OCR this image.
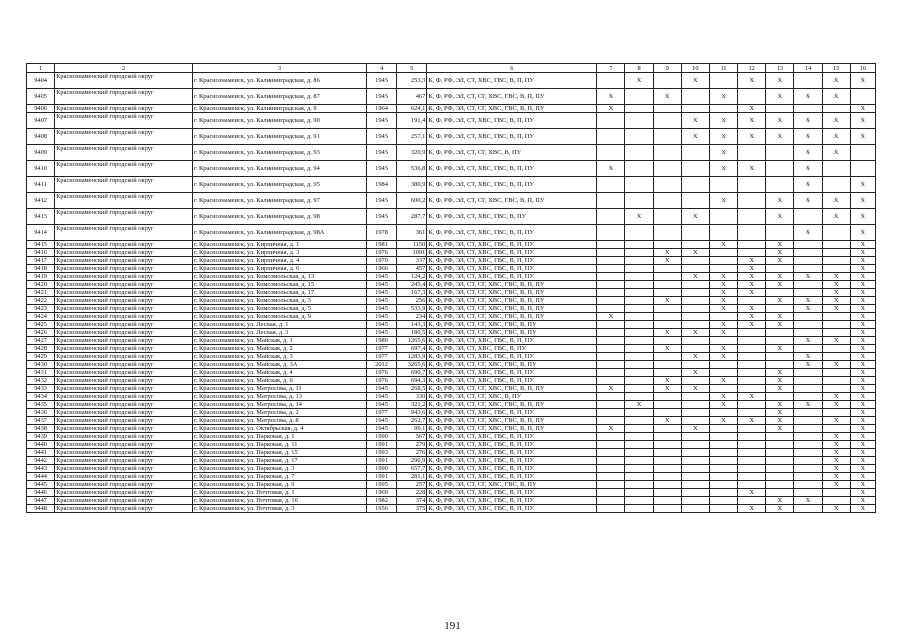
1	2	3	4	5	6	7	8	9	10	11	12	13	14	15	16
9404	Краснознаменский городской округ	г. Краснознаменск, ул. Калининградская, д. 86	1945	253,3	К, Ф, РФ, ЭЛ, СТ, ХВС, ГВС, В, П, ПУ		X		X		X	X		X	X
9405	Краснознаменский городской округ	г. Краснознаменск, ул. Калининградская, д. 87	1945	467	К, Ф, РФ, ЭЛ, СТ, СГ, ХВС, ГВС, В, П, ПУ	X		X		X		X	X	X	
9406	Краснознаменский городской округ	г. Краснознаменск, ул. Калининградская, д. 9	1964	624,1	К, Ф, РФ, ЭЛ, СТ, СГ, ХВС, ГВС, В, П, ПУ	X					X				X
9407	Краснознаменский городской округ	г. Краснознаменск, ул. Калининградская, д. 90	1945	191,4	К, Ф, РФ, ЭЛ, СТ, ХВС, ГВС, В, П, ПУ				X	X	X	X	X	X	X
9408	Краснознаменский городской округ	г. Краснознаменск, ул. Калининградская, д. 91	1945	257,1	К, Ф, РФ, ЭЛ, СТ, ХВС, ГВС, В, П, ПУ				X	X	X	X	X	X	X
9409	Краснознаменский городской округ	г. Краснознаменск, ул. Калининградская, д. 93	1945	320,9	К, Ф, РФ, ЭЛ, СТ, СГ, ХВС, В, ПУ					X			X	X	
9410	Краснознаменский городской округ	г. Краснознаменск, ул. Калининградская, д. 94	1945	536,8	К, Ф, РФ, ЭЛ, СТ, ХВС, ГВС, В, П, ПУ	X				X	X		X		
9411	Краснознаменский городской округ	г. Краснознаменск, ул. Калининградская, д. 95	1984	380,9	К, Ф, РФ, ЭЛ, СТ, ХВС, ГВС, В, П, ПУ								X		X
9412	Краснознаменский городской округ	г. Краснознаменск, ул. Калининградская, д. 97	1945	600,2	К, Ф, РФ, ЭЛ, СТ, СГ, ХВС, ГВС, В, П, ПУ					X		X	X	X	X
9413	Краснознаменский городской округ	г. Краснознаменск, ул. Калининградская, д. 98	1945	287,7	К, Ф, РФ, ЭЛ, СТ, ХВС, ГВС, В, ПУ		X		X			X		X	X
9414	Краснознаменский городской округ	г. Краснознаменск, ул. Калининградская, д. 98А	1978	361	К, Ф, РФ, ЭЛ, СТ, ХВС, ГВС, В, П, ПУ								X		X
9415	Краснознаменский городской округ	г. Краснознаменск, ул. Кирпичная, д. 1	1981	1150	К, Ф, РФ, ЭЛ, СТ, ХВС, ГВС, В, П, ПУ					X		X			X
9416	Краснознаменский городской округ	г. Краснознаменск, ул. Кирпичная, д. 3	1976	1091	К, Ф, РФ, ЭЛ, СТ, ХВС, ГВС, В, П, ПУ			X	X			X			X
9417	Краснознаменский городской округ	г. Краснознаменск, ул. Кирпичная, д. 4	1970	337	К, Ф, РФ, ЭЛ, СТ, ХВС, ГВС, В, П, ПУ			X			X	X			X
9418	Краснознаменский городской округ	г. Краснознаменск, ул. Кирпичная, д. 6	1966	457	К, Ф, РФ, ЭЛ, СТ, ХВС, ГВС, В, П, ПУ						X				X
9419	Краснознаменский городской округ	г. Краснознаменск, ул. Комсомольская, д. 13	1945	124,2	К, Ф, РФ, ЭЛ, СТ, ХВС, ГВС, В, П, ПУ				X	X	X	X	X	X	X
9420	Краснознаменский городской округ	г. Краснознаменск, ул. Комсомольская, д. 15	1945	245,4	К, Ф, РФ, ЭЛ, СТ, СГ, ХВС, ГВС, В, П, ПУ					X	X	X		X	X
9421	Краснознаменский городской округ	г. Краснознаменск, ул. Комсомольская, д. 17	1945	167,3	К, Ф, РФ, ЭЛ, СТ, СГ, ХВС, ГВС, В, П, ПУ					X	X			X	X
9422	Краснознаменский городской округ	г. Краснознаменск, ул. Комсомольская, д. 3	1945	256	К, Ф, РФ, ЭЛ, СТ, СГ, ХВС, ГВС, В, П, ПУ			X		X		X	X	X	X
9423	Краснознаменский городской округ	г. Краснознаменск, ул. Комсомольская, д. 5	1945	533,9	К, Ф, РФ, ЭЛ, СТ, СГ, ХВС, ГВС, В, П, ПУ					X	X		X	X	X
9424	Краснознаменский городской округ	г. Краснознаменск, ул. Комсомольская, д. 9	1945	234	К, Ф, РФ, ЭЛ, СТ, СГ, ХВС, ГВС, В, П, ПУ	X					X	X			X
9425	Краснознаменский городской округ	г. Краснознаменск, ул. Лесная, д. 1	1945	143,3	К, Ф, РФ, ЭЛ, СТ, СГ, ХВС, ГВС, В, ПУ					X	X	X			X
9426	Краснознаменский городской округ	г. Краснознаменск, ул. Лесная, д. 3	1945	180,5	К, Ф, РФ, ЭЛ, СТ, СГ, ХВС, ГВС, В, ПУ			X	X	X					X
9427	Краснознаменский городской округ	г. Краснознаменск, ул. Майская, д. 1	1989	1265,6	К, Ф, РФ, ЭЛ, СТ, ХВС, ГВС, В, П, ПУ								X	X	X
9428	Краснознаменский городской округ	г. Краснознаменск, ул. Майская, д. 2	1977	697,4	К, Ф, РФ, ЭЛ, СТ, ХВС, ГВС, В, ПУ			X		X		X			X
9429	Краснознаменский городской округ	г. Краснознаменск, ул. Майская, д. 3	1977	1283,9	К, Ф, РФ, ЭЛ, СТ, ХВС, ГВС, В, П, ПУ				X	X			X		X
9430	Краснознаменский городской округ	г. Краснознаменск, ул. Майская, д. 3А	2012	3265,6	К, Ф, РФ, ЭЛ, СТ, СГ, ХВС, ГВС, В, ПУ								X	X	X
9431	Краснознаменский городской округ	г. Краснознаменск, ул. Майская, д. 4	1976	690,7	К, Ф, РФ, ЭЛ, СТ, ХВС, ГВС, В, П, ПУ				X			X			X
9432	Краснознаменский городской округ	г. Краснознаменск, ул. Майская, д. 6	1976	694,3	К, Ф, РФ, ЭЛ, СТ, ХВС, ГВС, В, П, ПУ			X		X		X			X
9433	Краснознаменский городской округ	г. Краснознаменск, ул. Матросова, д. 11	1945	268,5	К, Ф, РФ, ЭЛ, СТ, СГ, ХВС, ГВС, В, П, ПУ	X		X	X			X			X
9434	Краснознаменский городской округ	г. Краснознаменск, ул. Матросова, д. 13	1945	330	К, Ф, РФ, ЭЛ, СТ, СГ, ХВС, В, ПУ					X	X			X	X
9435	Краснознаменский городской округ	г. Краснознаменск, ул. Матросова, д. 14	1945	321,2	К, Ф, РФ, ЭЛ, СТ, СГ, ХВС, ГВС, В, П, ПУ		X			X		X	X	X	X
9436	Краснознаменский городской округ	г. Краснознаменск, ул. Матросова, д. 2	1977	943,6	К, Ф, РФ, ЭЛ, СТ, ХВС, ГВС, В, П, ПУ							X			X
9437	Краснознаменский городской округ	г. Краснознаменск, ул. Матросова, д. 8	1945	262,7	К, Ф, РФ, ЭЛ, СТ, СГ, ХВС, ГВС, В, П, ПУ			X		X	X	X		X	X
9438	Краснознаменский городской округ	г. Краснознаменск, ул. Октябрьская, д. 4	1945	99,1	К, Ф, РФ, ЭЛ, СТ, СГ, ХВС, ГВС, В, П, ПУ	X			X			X			X
9439	Краснознаменский городской округ	г. Краснознаменск, ул. Парковая, д. 1	1990	567	К, Ф, РФ, ЭЛ, СТ, ХВС, ГВС, В, П, ПУ									X	X
9440	Краснознаменский городской округ	г. Краснознаменск, ул. Парковая, д. 11	1991	279	К, Ф, РФ, ЭЛ, СТ, ХВС, ГВС, В, П, ПУ									X	X
9441	Краснознаменский городской округ	г. Краснознаменск, ул. Парковая, д. 15	1993	276	К, Ф, РФ, ЭЛ, СТ, ХВС, ГВС, В, П, ПУ									X	X
9442	Краснознаменский городской округ	г. Краснознаменск, ул. Парковая, д. 17	1991	290,9	К, Ф, РФ, ЭЛ, СТ, ХВС, ГВС, В, П, ПУ									X	X
9443	Краснознаменский городской округ	г. Краснознаменск, ул. Парковая, д. 3	1990	657,7	К, Ф, РФ, ЭЛ, СТ, ХВС, ГВС, В, П, ПУ									X	X
9444	Краснознаменский городской округ	г. Краснознаменск, ул. Парковая, д. 7	1991	281,1	К, Ф, РФ, ЭЛ, СТ, ХВС, ГВС, В, П, ПУ									X	X
9445	Краснознаменский городской округ	г. Краснознаменск, ул. Парковая, д. 9	1995	257	К, Ф, РФ, ЭЛ, СТ, СГ, ХВС, ГВС, В, ПУ									X	X
9446	Краснознаменский городской округ	г. Краснознаменск, ул. Почтовая, д. 1	1969	228	К, Ф, РФ, ЭЛ, СТ, ХВС, ГВС, В, П, ПУ						X				X
9447	Краснознаменский городской округ	г. Краснознаменск, ул. Почтовая, д. 16	1982	374	К, Ф, РФ, ЭЛ, СТ, ХВС, ГВС, В, П, ПУ							X	X		X
9448	Краснознаменский городской округ	г. Краснознаменск, ул. Почтовая, д. 3	1956	375	К, Ф, РФ, ЭЛ, СТ, ХВС, ГВС, В, П, ПУ						X	X		X	X
191
